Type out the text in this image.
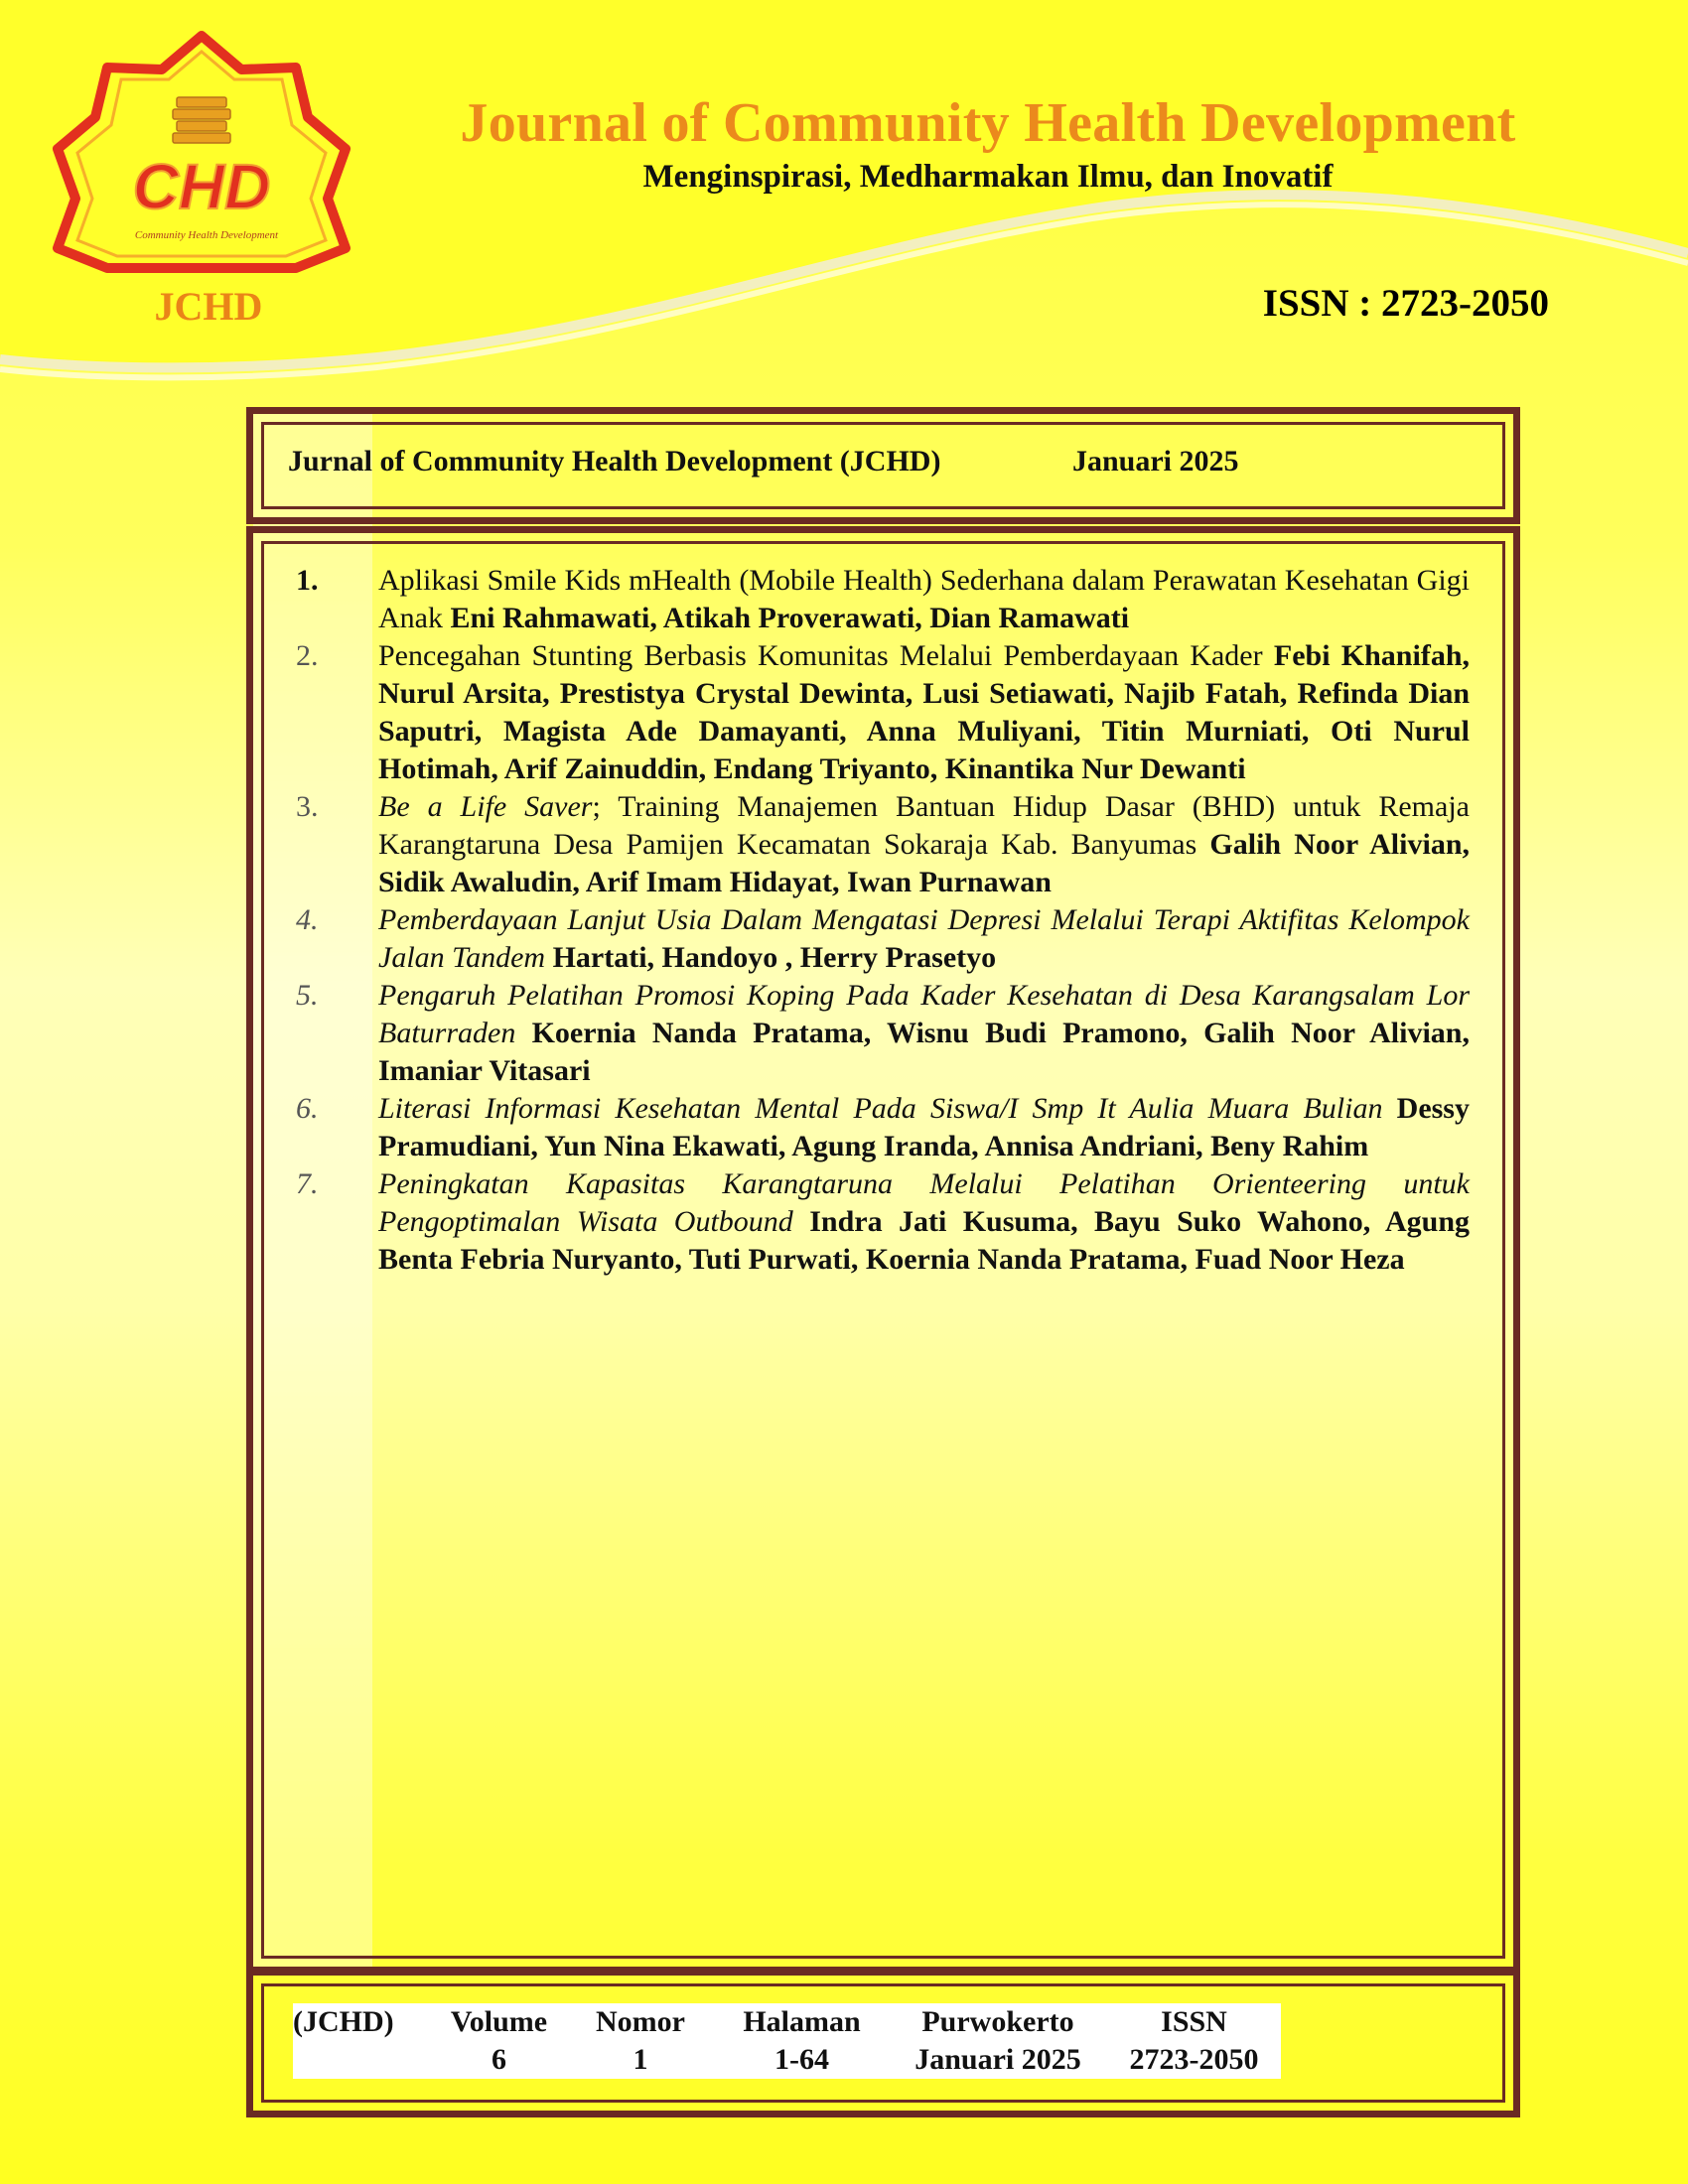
CHD
Community Health Development
JCHD
Journal of Community Health Development
Menginspirasi, Medharmakan Ilmu, dan Inovatif
ISSN : 2723-2050
Jurnal of Community Health Development (JCHD)	Januari 2025
1. Aplikasi Smile Kids mHealth (Mobile Health) Sederhana dalam Perawatan Kesehatan Gigi Anak Eni Rahmawati, Atikah Proverawati, Dian Ramawati
2. Pencegahan Stunting Berbasis Komunitas Melalui Pemberdayaan Kader Febi Khanifah, Nurul Arsita, Prestistya Crystal Dewinta, Lusi Setiawati, Najib Fatah, Refinda Dian Saputri, Magista Ade Damayanti, Anna Muliyani, Titin Murniati, Oti Nurul Hotimah, Arif Zainuddin, Endang Triyanto, Kinantika Nur Dewanti
3. Be a Life Saver; Training Manajemen Bantuan Hidup Dasar (BHD) untuk Remaja Karangtaruna Desa Pamijen Kecamatan Sokaraja Kab. Banyumas Galih Noor Alivian, Sidik Awaludin, Arif Imam Hidayat, Iwan Purnawan
4. Pemberdayaan Lanjut Usia Dalam Mengatasi Depresi Melalui Terapi Aktifitas Kelompok Jalan Tandem Hartati, Handoyo , Herry Prasetyo
5. Pengaruh Pelatihan Promosi Koping Pada Kader Kesehatan di Desa Karangsalam Lor Baturraden Koernia Nanda Pratama, Wisnu Budi Pramono, Galih Noor Alivian, Imaniar Vitasari
6. Literasi Informasi Kesehatan Mental Pada Siswa/I Smp It Aulia Muara Bulian Dessy Pramudiani, Yun Nina Ekawati, Agung Iranda, Annisa Andriani, Beny Rahim
7. Peningkatan Kapasitas Karangtaruna Melalui Pelatihan Orienteering untuk Pengoptimalan Wisata Outbound Indra Jati Kusuma, Bayu Suko Wahono, Agung Benta Febria Nuryanto, Tuti Purwati, Koernia Nanda Pratama, Fuad Noor Heza
(JCHD)	Volume	Nomor	Halaman	Purwokerto	ISSN
	6	1	1-64	Januari 2025	2723-2050
